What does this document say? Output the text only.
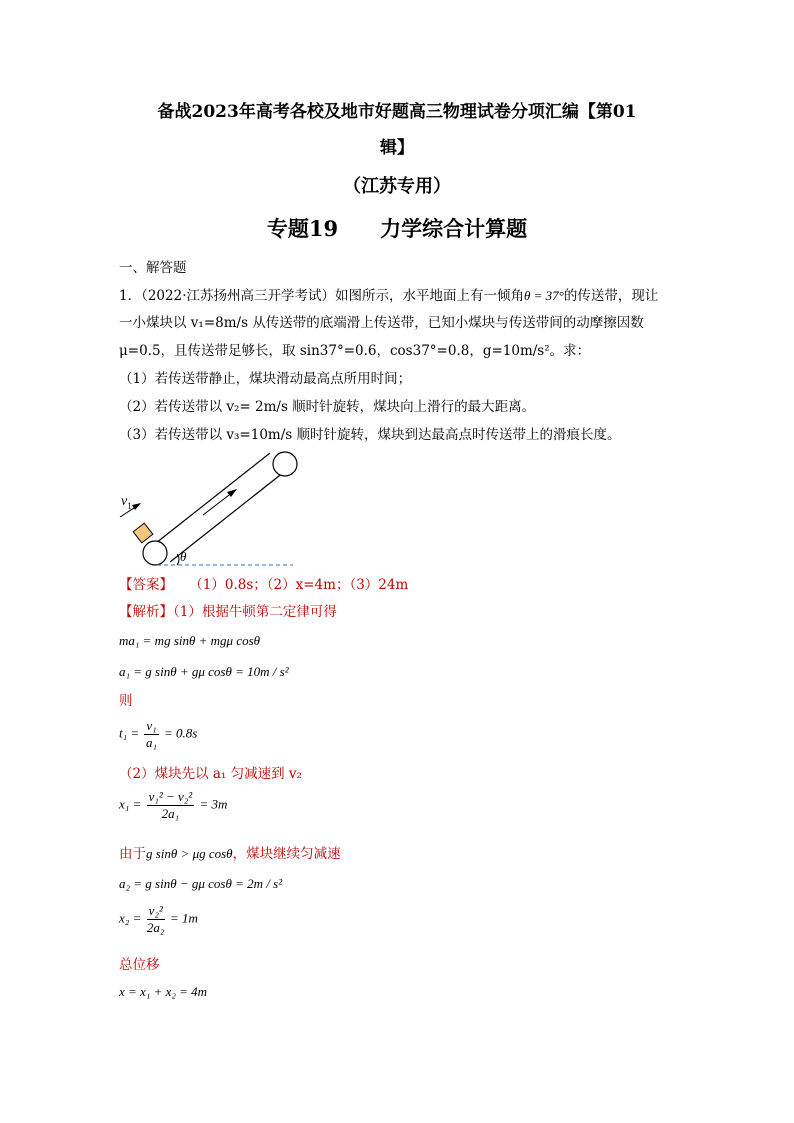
备战2023年高考各校及地市好题高三物理试卷分项汇编【第01
辑】
（江苏专用）
专题19　　力学综合计算题
一、解答题
1．（2022·江苏扬州高三开学考试）如图所示，水平地面上有一倾角θ = 37°的传送带，现让
一小煤块以 v₁=8m/s 从传送带的底端滑上传送带，已知小煤块与传送带间的动摩擦因数
μ=0.5，且传送带足够长，取 sin37°=0.6，cos37°=0.8，g=10m/s²。求：
（1）若传送带静止，煤块滑动最高点所用时间；
（2）若传送带以 v₂= 2m/s 顺时针旋转，煤块向上滑行的最大距离。
（3）若传送带以 v₃=10m/s 顺时针旋转，煤块到达最高点时传送带上的滑痕长度。
$v_1$
θ
【答案】 （1）0.8s；（2）x=4m；（3）24m
【解析】（1）根据牛顿第二定律可得
ma₁ = mg sinθ + mgμ cosθ
a₁ = g sinθ + gμ cosθ = 10m / s²
则
$t_1 = \frac{\text{v₁}}{\text{a₁}} = 0.8s$
（2）煤块先以 a₁ 匀减速到 v₂
$x_1 = \frac{\text{v₁² − v₂²}}{\text{2a₁}} = 3m$
由于g sinθ > μg cosθ，煤块继续匀减速
a₂ = g sinθ − gμ cosθ = 2m / s²
$x_2 = \frac{\text{v₂²}}{\text{2a₂}} = 1m$
总位移
x = x₁ + x₂ = 4m
